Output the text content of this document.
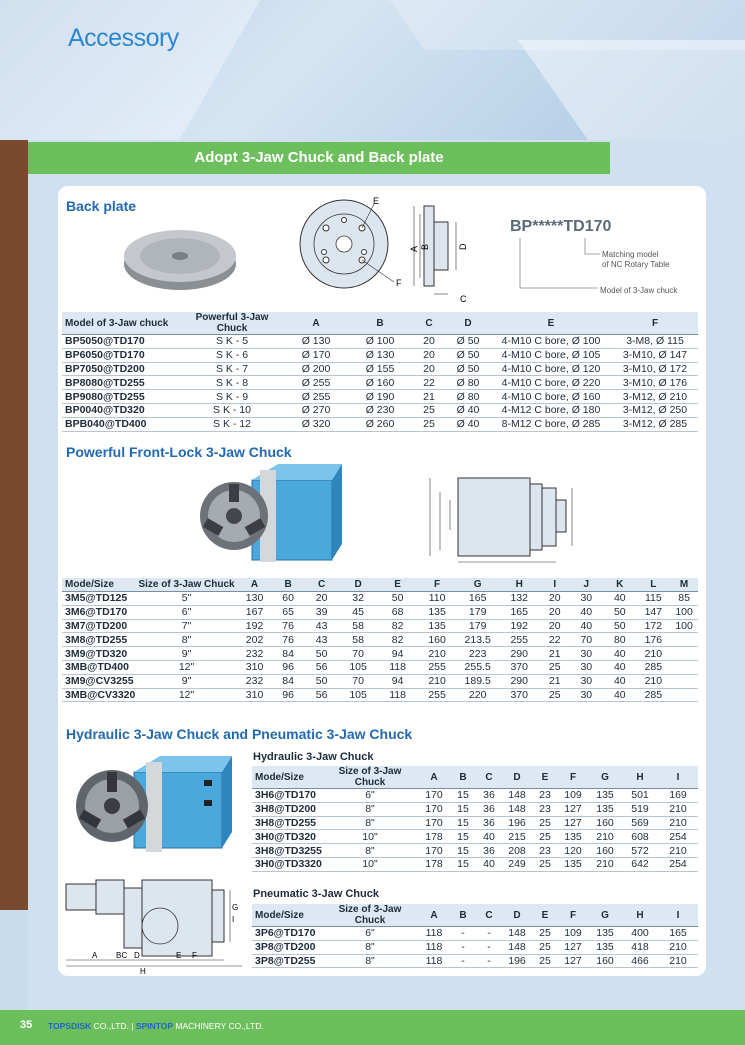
Accessory
Adopt 3-Jaw Chuck and Back plate
Back plate	E
F
A B	D
C
BP*****TD170
Matching model
of NC Rotary Table
Model of 3-Jaw chuck
Model of 3-Jaw chuck	Powerful 3-Jaw Chuck	A	B	C	D	E	F
BP5050@TD170	S K - 5	Ø 130	Ø 100	20	Ø 50	4-M10 C bore, Ø 100	3-M8, Ø 115
BP6050@TD170	S K - 6	Ø 170	Ø 130	20	Ø 50	4-M10 C bore, Ø 105	3-M10, Ø 147
BP7050@TD200	S K - 7	Ø 200	Ø 155	20	Ø 50	4-M10 C bore, Ø 120	3-M10, Ø 172
BP8080@TD255	S K - 8	Ø 255	Ø 160	22	Ø 80	4-M10 C bore, Ø 220	3-M10, Ø 176
BP9080@TD255	S K - 9	Ø 255	Ø 190	21	Ø 80	4-M10 C bore, Ø 160	3-M12, Ø 210
BP0040@TD320	S K - 10	Ø 270	Ø 230	25	Ø 40	4-M12 C bore, Ø 180	3-M12, Ø 250
BPB040@TD400	S K - 12	Ø 320	Ø 260	25	Ø 40	8-M12 C bore, Ø 285	3-M12, Ø 285
Powerful Front-Lock 3-Jaw Chuck
Mode/Size	Size of 3-Jaw Chuck	A	B	C	D	E	F	G	H	I	J	K	L	M
3M5@TD125	5"	130	60	20	32	50	110	165	132	20	30	40	115	85
3M6@TD170	6"	167	65	39	45	68	135	179	165	20	40	50	147	100
3M7@TD200	7"	192	76	43	58	82	135	179	192	20	40	50	172	100
3M8@TD255	8"	202	76	43	58	82	160	213.5	255	22	70	80	176	
3M9@TD320	9"	232	84	50	70	94	210	223	290	21	30	40	210	
3MB@TD400	12"	310	96	56	105	118	255	255.5	370	25	30	40	285	
3M9@CV3255	9"	232	84	50	70	94	210	189.5	290	21	30	40	210	
3MB@CV3320	12"	310	96	56	105	118	255	220	370	25	30	40	285	
Hydraulic 3-Jaw Chuck and Pneumatic 3-Jaw Chuck
A BC D	E F
H
G
I
Hydraulic 3-Jaw Chuck
Mode/Size	Size of 3-Jaw Chuck	A	B	C	D	E	F	G	H	I
3H6@TD170	6"	170	15	36	148	23	109	135	501	169
3H8@TD200	8"	170	15	36	148	23	127	135	519	210
3H8@TD255	8"	170	15	36	196	25	127	160	569	210
3H0@TD320	10"	178	15	40	215	25	135	210	608	254
3H8@TD3255	8"	170	15	36	208	23	120	160	572	210
3H0@TD3320	10"	178	15	40	249	25	135	210	642	254
Pneumatic 3-Jaw Chuck
Mode/Size	Size of 3-Jaw Chuck	A	B	C	D	E	F	G	H	I
3P6@TD170	6"	118	-	-	148	25	109	135	400	165
3P8@TD200	8"	118	-	-	148	25	127	135	418	210
3P8@TD255	8"	118	-	-	196	25	127	160	466	210
35 TOPSDISK CO.,LTD. | SPINTOP MACHINERY CO.,LTD.
